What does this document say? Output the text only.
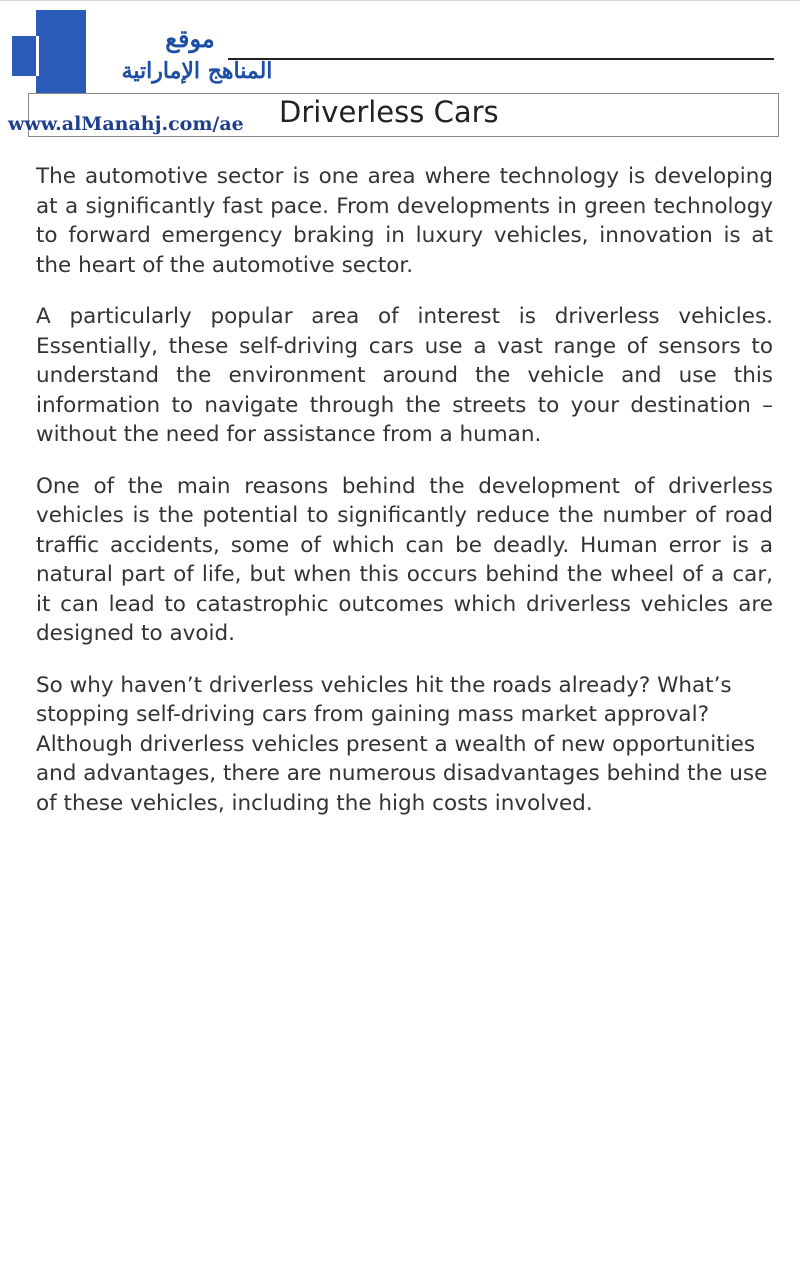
موقع
المناهج الإماراتية
Driverless Cars
www.alManahj.com/ae

The automotive sector is one area where technology is developing at a significantly fast pace. From developments in green technology to forward emergency braking in luxury vehicles, innovation is at the heart of the automotive sector.

A particularly popular area of interest is driverless vehicles. Essentially, these self-driving cars use a vast range of sensors to understand the environment around the vehicle and use this information to navigate through the streets to your destination – without the need for assistance from a human.

One of the main reasons behind the development of driverless vehicles is the potential to significantly reduce the number of road traffic accidents, some of which can be deadly. Human error is a natural part of life, but when this occurs behind the wheel of a car, it can lead to catastrophic outcomes which driverless vehicles are designed to avoid.

So why haven’t driverless vehicles hit the roads already? What’s stopping self-driving cars from gaining mass market approval? Although driverless vehicles present a wealth of new opportunities and advantages, there are numerous disadvantages behind the use of these vehicles, including the high costs involved.
